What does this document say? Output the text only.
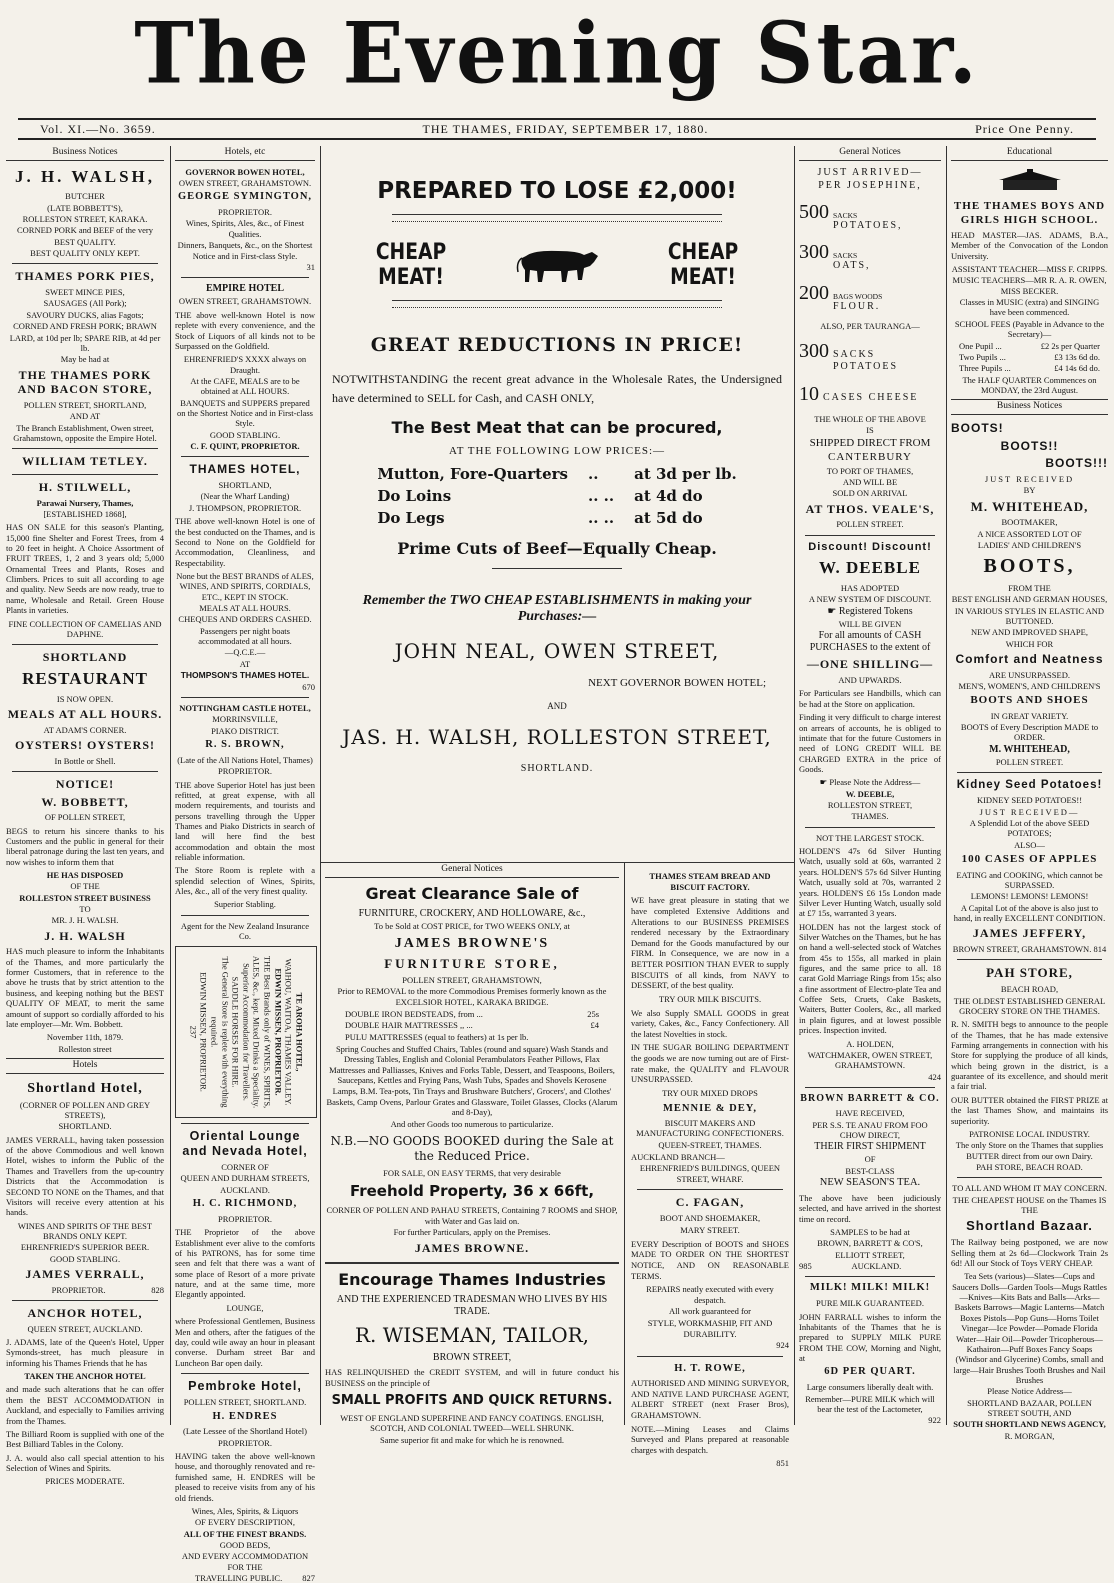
The Evening Star.
Vol. XI.—No. 3659.	THE THAMES, FRIDAY, SEPTEMBER 17, 1880.	Price One Penny.
Business Notices
J. H. WALSH,
BUTCHER
(LATE BOBBETT'S),
ROLLESTON STREET, KARAKA.
CORNED PORK and BEEF of the very
BEST QUALITY.
BEST QUALITY ONLY KEPT.
THAMES PORK PIES,
SWEET MINCE PIES,
SAUSAGES (All Pork);
SAVOURY DUCKS, alias Fagots;
CORNED AND FRESH PORK; BRAWN
LARD, at 10d per lb; SPARE RIB, at 4d per lb.
May be had at
THE THAMES PORK AND BACON STORE,
POLLEN STREET, SHORTLAND,
AND AT
The Branch Establishment, Owen street, Grahamstown, opposite the Empire Hotel.
WILLIAM TETLEY.
H. STILWELL,
Parawai Nursery, Thames,
[ESTABLISHED 1868],
HAS ON SALE for this season's Planting, 15,000 fine Shelter and Forest Trees, from 4 to 20 feet in height. A Choice Assortment of FRUIT TREES, 1, 2 and 3 years old; 5,000 Ornamental Trees and Plants, Roses and Climbers. Prices to suit all according to age and quality. New Seeds are now ready, true to name, Wholesale and Retail. Green House Plants in varieties.
FINE COLLECTION OF CAMELIAS AND DAPHNE.
SHORTLAND
RESTAURANT
IS NOW OPEN.
MEALS AT ALL HOURS.
AT ADAM'S CORNER.
OYSTERS! OYSTERS!
In Bottle or Shell.
NOTICE!
W. BOBBETT,
OF POLLEN STREET,
BEGS to return his sincere thanks to his Customers and the public in general for their liberal patronage during the last ten years, and now wishes to inform them that
HE HAS DISPOSED
OF THE
ROLLESTON STREET BUSINESS
TO
MR. J. H. WALSH.
J. H. WALSH
HAS much pleasure to inform the Inhabitants of the Thames, and more particularly the former Customers, that in reference to the above he trusts that by strict attention to the business, and keeping nothing but the BEST QUALITY OF MEAT, to merit the same amount of support so cordially afforded to his late employer—Mr. Wm. Bobbett.
November 11th, 1879.
Rolleston street
Hotels
Shortland Hotel,
(CORNER OF POLLEN AND GREY STREETS),
SHORTLAND.
JAMES VERRALL, having taken possession of the above Commodious and well known Hotel, wishes to inform the Public of the Thames and Travellers from the up-country Districts that the Accommodation is SECOND TO NONE on the Thames, and that Visitors will receive every attention at his hands.
WINES AND SPIRITS OF THE BEST BRANDS ONLY KEPT.
EHRENFRIED'S SUPERIOR BEER.
GOOD STABLING.
JAMES VERRALL,
PROPRIETOR.	828
ANCHOR HOTEL,
QUEEN STREET, AUCKLAND.
J. ADAMS, late of the Queen's Hotel, Upper Symonds-street, has much pleasure in informing his Thames Friends that he has
TAKEN THE ANCHOR HOTEL
and made such alterations that he can offer them the BEST ACCOMMODATION in Auckland, and especially to Families arriving from the Thames.
The Billiard Room is supplied with one of the Best Billiard Tables in the Colony.
J. A. would also call special attention to his Selection of Wines and Spirits.
PRICES MODERATE.
Hotels, etc
GOVERNOR BOWEN HOTEL,
OWEN STREET, GRAHAMSTOWN.
GEORGE SYMINGTON,
PROPRIETOR.
Wines, Spirits, Ales, &c., of Finest Qualities.
Dinners, Banquets, &c., on the Shortest Notice and in First-class Style.
31
EMPIRE HOTEL
OWEN STREET, GRAHAMSTOWN.
THE above well-known Hotel is now replete with every convenience, and the Stock of Liquors of all kinds not to be Surpassed on the Goldfield.
EHRENFRIED'S XXXX always on Draught.
At the CAFE, MEALS are to be obtained at ALL HOURS.
BANQUETS and SUPPERS prepared on the Shortest Notice and in First-class Style.
GOOD STABLING.
C. F. QUINT, PROPRIETOR.
THAMES HOTEL,
SHORTLAND,
(Near the Wharf Landing)
J. THOMPSON, PROPRIETOR.
THE above well-known Hotel is one of the best conducted on the Thames, and is Second to None on the Goldfield for Accommodation, Cleanliness, and Respectability.
None but the BEST BRANDS of ALES, WINES, AND SPIRITS, CORDIALS, ETC., KEPT IN STOCK.
MEALS AT ALL HOURS.
CHEQUES AND ORDERS CASHED.
Passengers per night boats accommodated at all hours.
—Q.C.E.—
AT
THOMPSON'S THAMES HOTEL.
670
NOTTINGHAM CASTLE HOTEL,
MORRINSVILLE,
PIAKO DISTRICT.
R. S. BROWN,
(Late of the All Nations Hotel, Thames)
PROPRIETOR.
THE above Superior Hotel has just been refitted, at great expense, with all modern requirements, and tourists and persons travelling through the Upper Thames and Piako Districts in search of land will here find the best accommodation and obtain the most reliable information.
The Store Room is replete with a splendid selection of Wines, Spirits, Ales, &c., all of the very finest quality.
Superior Stabling.
Agent for the New Zealand Insurance Co.
TE AROHA HOTEL,
WAIHOU, WAITOA, THAMES VALLEY.
EDWIN MISSEN, PROPRIETOR.
THE Best Brands only of WINES, SPIRITS, ALES, &c., kept. Mixed Drinks a Speciality. Superior Accommodation for Travellers. SADDLE HORSES FOR HIRE.
The General Store is replete with everything required.
EDWIN MISSEN, PROPRIETOR.
237
Oriental Lounge and Nevada Hotel,
CORNER OF
QUEEN AND DURHAM STREETS,
AUCKLAND.
H. C. RICHMOND,
PROPRIETOR.
THE Proprietor of the above Establishment ever alive to the comforts of his PATRONS, has for some time seen and felt that there was a want of some place of Resort of a more private nature, and at the same time, more Elegantly appointed.
LOUNGE,
where Professional Gentlemen, Business Men and others, after the fatigues of the day, could wile away an hour in pleasant converse. Durham street Bar and Luncheon Bar open daily.
Pembroke Hotel,
POLLEN STREET, SHORTLAND.
H. ENDRES
(Late Lessee of the Shortland Hotel)
PROPRIETOR.
HAVING taken the above well-known house, and thoroughly renovated and re-furnished same, H. ENDRES will be pleased to receive visits from any of his old friends.
Wines, Ales, Spirits, & Liquors
OF EVERY DESCRIPTION,
ALL OF THE FINEST BRANDS.
GOOD BEDS,
AND EVERY ACCOMMODATION FOR THE
TRAVELLING PUBLIC. 827
PREPARED TO LOSE £2,000!
CHEAP MEAT!
CHEAP MEAT!
GREAT REDUCTIONS IN PRICE!
NOTWITHSTANDING the recent great advance in the Wholesale Rates, the Undersigned have determined to SELL for Cash, and CASH ONLY,
The Best Meat that can be procured,
AT THE FOLLOWING LOW PRICES:—
Mutton, Fore-Quarters	..	at 3d per lb.
Do Loins	.. ..	at 4d do
Do Legs	.. ..	at 5d do
Prime Cuts of Beef—Equally Cheap.
Remember the TWO CHEAP ESTABLISHMENTS in making your Purchases:—
JOHN NEAL, OWEN STREET,
NEXT GOVERNOR BOWEN HOTEL;
AND
JAS. H. WALSH, ROLLESTON STREET,
SHORTLAND.
General Notices
Great Clearance Sale of
FURNITURE, CROCKERY, AND HOLLOWARE, &c.,
To be Sold at COST PRICE, for TWO WEEKS ONLY, at
JAMES BROWNE'S
FURNITURE STORE,
POLLEN STREET, GRAHAMSTOWN,
Prior to REMOVAL to the more Commodious Premises formerly known as the EXCELSIOR HOTEL, KARAKA BRIDGE.
DOUBLE IRON BEDSTEADS, from ...	25s
DOUBLE HAIR MATTRESSES ,, ...	£4
PULU MATTRESSES (equal to feathers) at 1s per lb.
Spring Couches and Stuffed Chairs, Tables (round and square) Wash Stands and Dressing Tables, English and Colonial Perambulators Feather Pillows, Flax Mattresses and Palliasses, Knives and Forks Table, Dessert, and Teaspoons, Boilers, Saucepans, Kettles and Frying Pans, Wash Tubs, Spades and Shovels Kerosene Lamps, B.M. Tea-pots, Tin Trays and Brushware Butchers', Grocers', and Clothes' Baskets, Camp Ovens, Parlour Grates and Glassware, Toilet Glasses, Clocks (Alarum and 8-Day),
And other Goods too numerous to particularize.
N.B.—NO GOODS BOOKED during the Sale at the Reduced Price.
FOR SALE, ON EASY TERMS, that very desirable
Freehold Property, 36 x 66ft,
CORNER OF POLLEN AND PAHAU STREETS, Containing 7 ROOMS and SHOP, with Water and Gas laid on.
For further Particulars, apply on the Premises.
JAMES BROWNE.
Encourage Thames Industries
AND THE EXPERIENCED TRADESMAN WHO LIVES BY HIS TRADE.
R. WISEMAN, TAILOR,
BROWN STREET,
HAS RELINQUISHED the CREDIT SYSTEM, and will in future conduct his BUSINESS on the principle of
SMALL PROFITS AND QUICK RETURNS.
WEST OF ENGLAND SUPERFINE AND FANCY COATINGS. ENGLISH, SCOTCH, AND COLONIAL TWEED—WELL SHRUNK.
Same superior fit and make for which he is renowned.
THAMES STEAM BREAD AND BISCUIT FACTORY.
WE have great pleasure in stating that we have completed Extensive Additions and Alterations to our BUSINESS PREMISES rendered necessary by the Extraordinary Demand for the Goods manufactured by our FIRM. In Consequence, we are now in a BETTER POSITION THAN EVER to supply BISCUITS of all kinds, from NAVY to DESSERT, of the best quality.
TRY OUR MILK BISCUITS.
We also Supply SMALL GOODS in great variety, Cakes, &c., Fancy Confectionery. All the latest Novelties in stock.
IN THE SUGAR BOILING DEPARTMENT the goods we are now turning out are of First-rate make, the QUALITY and FLAVOUR UNSURPASSED.
TRY OUR MIXED DROPS
MENNIE & DEY,
BISCUIT MAKERS AND MANUFACTURING CONFECTIONERS.
QUEEN-STREET, THAMES.
AUCKLAND BRANCH—
EHRENFRIED'S BUILDINGS, QUEEN STREET, WHARF.
C. FAGAN,
BOOT AND SHOEMAKER,
MARY STREET.
EVERY Description of BOOTS and SHOES MADE TO ORDER ON THE SHORTEST NOTICE, AND ON REASONABLE TERMS.
REPAIRS neatly executed with every despatch.
All work guaranteed for
STYLE, WORKMASHIP, FIT AND DURABILITY.
924
H. T. ROWE,
AUTHORISED AND MINING SURVEYOR, AND NATIVE LAND PURCHASE AGENT, ALBERT STREET (next Fraser Bros), GRAHAMSTOWN.
NOTE.—Mining Leases and Claims Surveyed and Plans prepared at reasonable charges with despatch.
851
General Notices
JUST ARRIVED—
PER JOSEPHINE,
500 SACKS
POTATOES,
300 SACKS
OATS,
200 BAGS WOODS
FLOUR.
ALSO, PER TAURANGA—
300 SACKS POTATOES
10 CASES CHEESE
THE WHOLE OF THE ABOVE
IS
SHIPPED DIRECT FROM
CANTERBURY
TO PORT OF THAMES,
AND WILL BE
SOLD ON ARRIVAL
AT THOS. VEALE'S,
POLLEN STREET.
Discount! Discount!
W. DEEBLE
HAS ADOPTED
A NEW SYSTEM OF DISCOUNT.
☛ Registered Tokens
WILL BE GIVEN
For all amounts of CASH PURCHASES to the extent of
—ONE SHILLING—
AND UPWARDS.
For Particulars see Handbills, which can be had at the Store on application.
Finding it very difficult to charge interest on arrears of accounts, he is obliged to intimate that for the future Customers in need of LONG CREDIT WILL BE CHARGED EXTRA in the price of Goods.
☛ Please Note the Address—
W. DEEBLE,
ROLLESTON STREET,
THAMES.
NOT THE LARGEST STOCK.
HOLDEN'S 47s 6d Silver Hunting Watch, usually sold at 60s, warranted 2 years. HOLDEN'S 57s 6d Silver Hunting Watch, usually sold at 70s, warranted 2 years. HOLDEN'S £6 15s London made Silver Lever Hunting Watch, usually sold at £7 15s, warranted 3 years.
HOLDEN has not the largest stock of Silver Watches on the Thames, but he has on hand a well-selected stock of Watches from 45s to 155s, all marked in plain figures, and the same price to all. 18 carat Gold Marriage Rings from 15s; also a fine assortment of Electro-plate Tea and Coffee Sets, Cruets, Cake Baskets, Waiters, Butter Coolers, &c., all marked in plain figures, and at lowest possible prices. Inspection invited.
A. HOLDEN,
WATCHMAKER, OWEN STREET, GRAHAMSTOWN.
424
BROWN BARRETT & CO.
HAVE RECEIVED,
PER S.S. TE ANAU FROM FOO CHOW DIRECT,
THEIR FIRST SHIPMENT
OF
BEST-CLASS
NEW SEASON'S TEA.
The above have been judiciously selected, and have arrived in the shortest time on record.
SAMPLES to be had at
BROWN, BARRETT & CO'S,
ELLIOTT STREET,
985	AUCKLAND.
MILK! MILK! MILK!
PURE MILK GUARANTEED.
JOHN FARRALL wishes to inform the Inhabitants of the Thames that he is prepared to SUPPLY MILK PURE FROM THE COW, Morning and Night, at
6D PER QUART.
Large consumers liberally dealt with.
Remember—PURE MILK which will bear the test of the Lactometer,
922
Educational
THE THAMES BOYS AND GIRLS HIGH SCHOOL.
HEAD MASTER—JAS. ADAMS, B.A., Member of the Convocation of the London University.
ASSISTANT TEACHER—MISS F. CRIPPS.
MUSIC TEACHERS—MR R. A. R. OWEN, MISS BECKER.
Classes in MUSIC (extra) and SINGING have been commenced.
SCHOOL FEES (Payable in Advance to the Secretary)—
One Pupil ...	£2 2s per Quarter
Two Pupils ...	£3 13s 6d do.
Three Pupils ...	£4 14s 6d do.
The HALF QUARTER Commences on MONDAY, the 23rd August.
Business Notices
BOOTS!
BOOTS!!
BOOTS!!!
JUST RECEIVED
BY
M. WHITEHEAD,
BOOTMAKER,
A NICE ASSORTED LOT OF
LADIES' AND CHILDREN'S
BOOTS,
FROM THE
BEST ENGLISH AND GERMAN HOUSES,
IN VARIOUS STYLES IN ELASTIC AND BUTTONED.
NEW AND IMPROVED SHAPE,
WHICH FOR
Comfort and Neatness
ARE UNSURPASSED.
MEN'S, WOMEN'S, AND CHILDREN'S
BOOTS AND SHOES
IN GREAT VARIETY.
BOOTS of Every Description MADE to ORDER.
M. WHITEHEAD,
POLLEN STREET.
Kidney Seed Potatoes!
KIDNEY SEED POTATOES!!
JUST RECEIVED—
A Splendid Lot of the above SEED POTATOES;
ALSO—
100 CASES OF APPLES
EATING and COOKING, which cannot be SURPASSED.
LEMONS! LEMONS! LEMONS!
A Capital Lot of the above is also just to hand, in really EXCELLENT CONDITION.
JAMES JEFFERY,
BROWN STREET, GRAHAMSTOWN. 814
PAH STORE,
BEACH ROAD,
THE OLDEST ESTABLISHED GENERAL GROCERY STORE ON THE THAMES.
R. N. SMITH begs to announce to the people of the Thames, that he has made extensive Farming arrangements in connection with his Store for supplying the produce of all kinds, which being grown in the district, is a guarantee of its excellence, and should merit a fair trial.
OUR BUTTER obtained the FIRST PRIZE at the last Thames Show, and maintains its superiority.
PATRONISE LOCAL INDUSTRY.
The only Store on the Thames that supplies BUTTER direct from our own Dairy.
PAH STORE, BEACH ROAD.
TO ALL AND WHOM IT MAY CONCERN.
THE CHEAPEST HOUSE on the Thames IS THE
Shortland Bazaar.
The Railway being postponed, we are now Selling them at 2s 6d—Clockwork Train 2s 6d! All our Stock of Toys VERY CHEAP.
Tea Sets (various)—Slates—Cups and Saucers Dolls—Garden Tools—Mugs Rattles—Knives—Kits Bats and Balls—Arks—Baskets Barrows—Magic Lanterns—Match Boxes Pistols—Pop Guns—Horns Toilet Vinegar—Ice Powder—Pomade Florida Water—Hair Oil—Powder Tricopherous—Kathairon—Puff Boxes Fancy Soaps (Windsor and Glycerine) Combs, small and large—Hair Brushes Tooth Brushes and Nail Brushes
Please Notice Address—
SHORTLAND BAZAAR, POLLEN STREET SOUTH, AND
SOUTH SHORTLAND NEWS AGENCY,
R. MORGAN,
